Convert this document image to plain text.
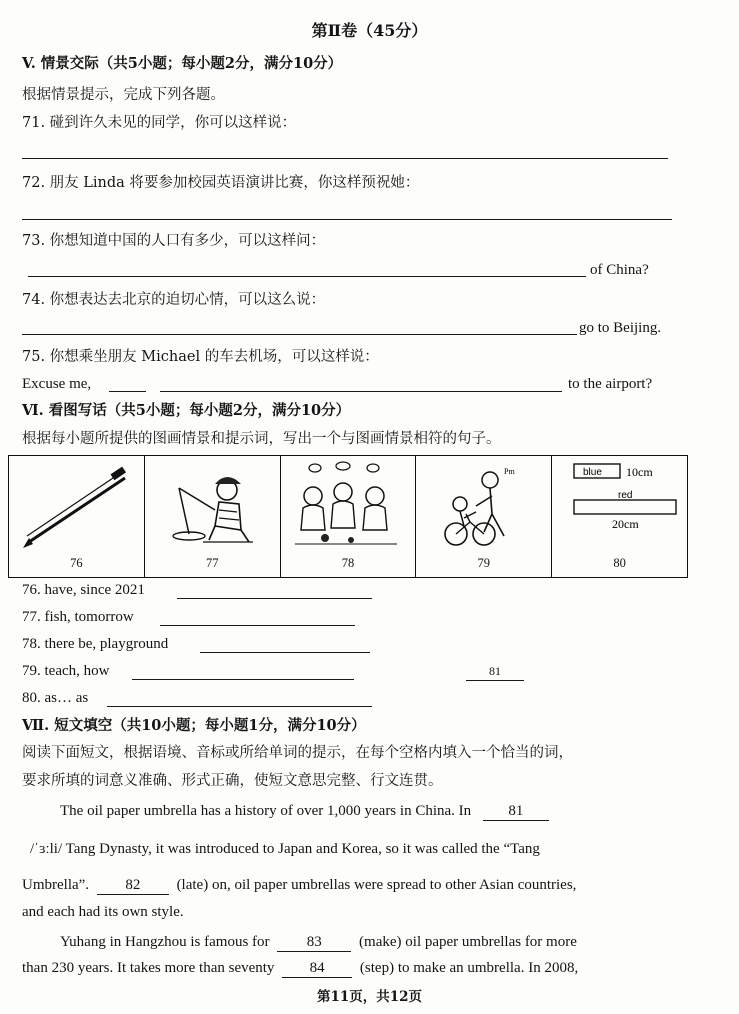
第Ⅱ卷（45分）
V. 情景交际（共5小题；每小题2分，满分10分）
根据情景提示，完成下列各题。
71. 碰到许久未见的同学，你可以这样说：
72. 朋友 Linda 将要参加校园英语演讲比赛，你这样预祝她：
73. 你想知道中国的人口有多少，可以这样问：
of China?
74. 你想表达去北京的迫切心情，可以这么说：
go to Beijing.
75. 你想乘坐朋友 Michael 的车去机场，可以这样说：
Excuse me,	to the airport?
Ⅵ. 看图写话（共5小题；每小题2分，满分10分）
根据每小题所提供的图画情景和提示词，写出一个与图画情景相符的句子。
76	77	78
Pm
79
blue 10cm
red
20cm
80
76. have, since 2021
77. fish, tomorrow
78. there be, playground
79. teach, how	81
80. as… as
Ⅶ. 短文填空（共10小题；每小题1分，满分10分）
阅读下面短文，根据语境、音标或所给单词的提示，在每个空格内填入一个恰当的词，
要求所填的词意义准确、形式正确，使短文意思完整、行文连贯。
The oil paper umbrella has a history of over 1,000 years in China. In 81
/ˈɜːli/ Tang Dynasty, it was introduced to Japan and Korea, so it was called the “Tang
Umbrella”. 82 (late) on, oil paper umbrellas were spread to other Asian countries,
and each had its own style.
Yuhang in Hangzhou is famous for 83 (make) oil paper umbrellas for more
than 230 years. It takes more than seventy 84 (step) to make an umbrella. In 2008,
第11页，共12页
